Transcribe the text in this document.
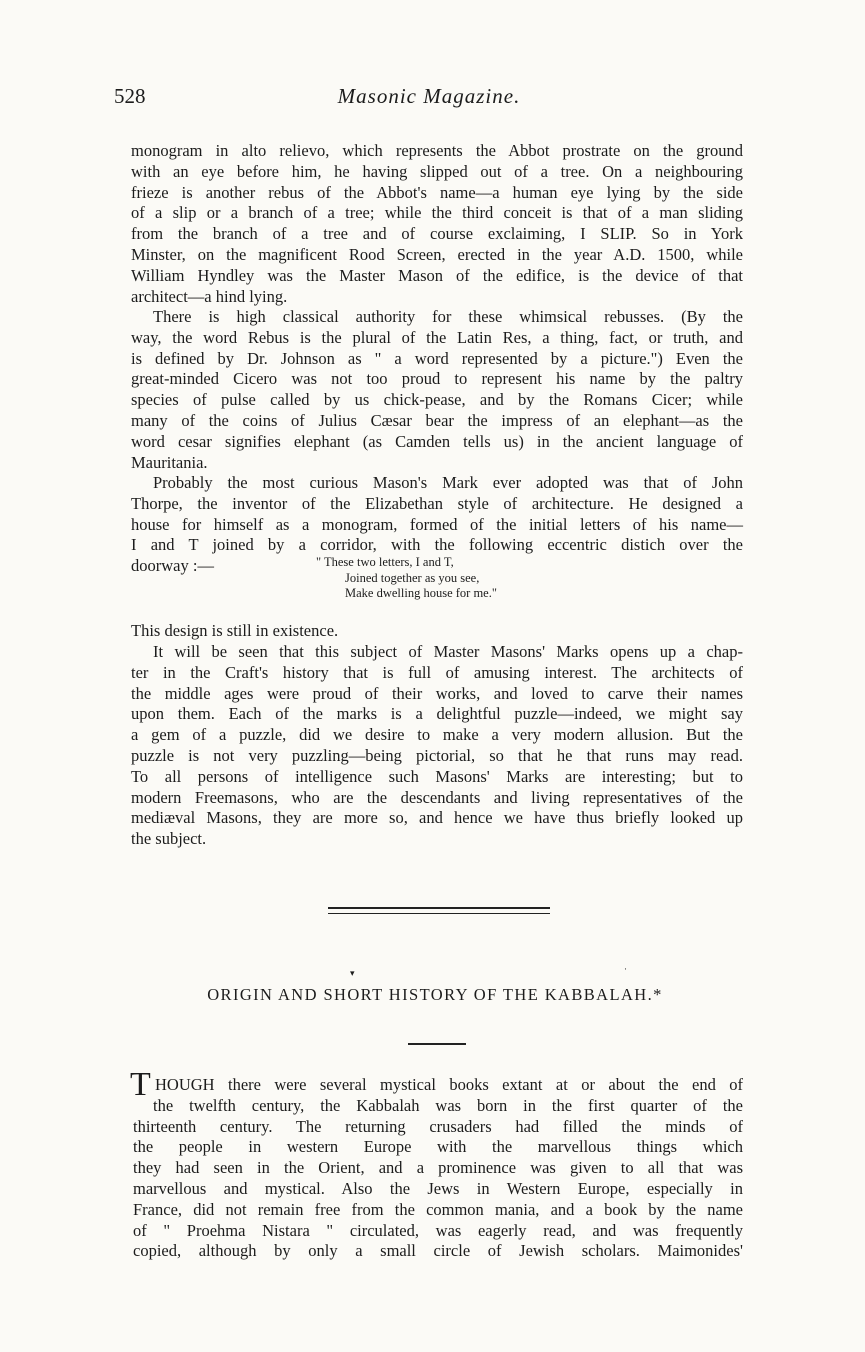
528	Masonic Magazine.
monogram in alto relievo, which represents the Abbot prostrate on the ground
with an eye before him, he having slipped out of a tree. On a neighbouring
frieze is another rebus of the Abbot's name—a human eye lying by the side
of a slip or a branch of a tree; while the third conceit is that of a man sliding
from the branch of a tree and of course exclaiming, I SLIP. So in York
Minster, on the magnificent Rood Screen, erected in the year A.D. 1500, while
William Hyndley was the Master Mason of the edifice, is the device of that
architect—a hind lying.
There is high classical authority for these whimsical rebusses. (By the
way, the word Rebus is the plural of the Latin Res, a thing, fact, or truth, and
is defined by Dr. Johnson as " a word represented by a picture.") Even the
great-minded Cicero was not too proud to represent his name by the paltry
species of pulse called by us chick-pease, and by the Romans Cicer; while
many of the coins of Julius Cæsar bear the impress of an elephant—as the
word cesar signifies elephant (as Camden tells us) in the ancient language of
Mauritania.
Probably the most curious Mason's Mark ever adopted was that of John
Thorpe, the inventor of the Elizabethan style of architecture. He designed a
house for himself as a monogram, formed of the initial letters of his name—
I and T joined by a corridor, with the following eccentric distich over the
doorway :—	" These two letters, I and T,
Joined together as you see,
Make dwelling house for me."
This design is still in existence.
It will be seen that this subject of Master Masons' Marks opens up a chap-
ter in the Craft's history that is full of amusing interest. The architects of
the middle ages were proud of their works, and loved to carve their names
upon them. Each of the marks is a delightful puzzle—indeed, we might say
a gem of a puzzle, did we desire to make a very modern allusion. But the
puzzle is not very puzzling—being pictorial, so that he that runs may read.
To all persons of intelligence such Masons' Marks are interesting; but to
modern Freemasons, who are the descendants and living representatives of the
mediæval Masons, they are more so, and hence we have thus briefly looked up
the subject.
▾	·
ORIGIN AND SHORT HISTORY OF THE KABBALAH.*
T HOUGH there were several mystical books extant at or about the end of
the twelfth century, the Kabbalah was born in the first quarter of the
thirteenth century. The returning crusaders had filled the minds of
the people in western Europe with the marvellous things which
they had seen in the Orient, and a prominence was given to all that was
marvellous and mystical. Also the Jews in Western Europe, especially in
France, did not remain free from the common mania, and a book by the name
of " Proehma Nistara " circulated, was eagerly read, and was frequently
copied, although by only a small circle of Jewish scholars. Maimonides'
